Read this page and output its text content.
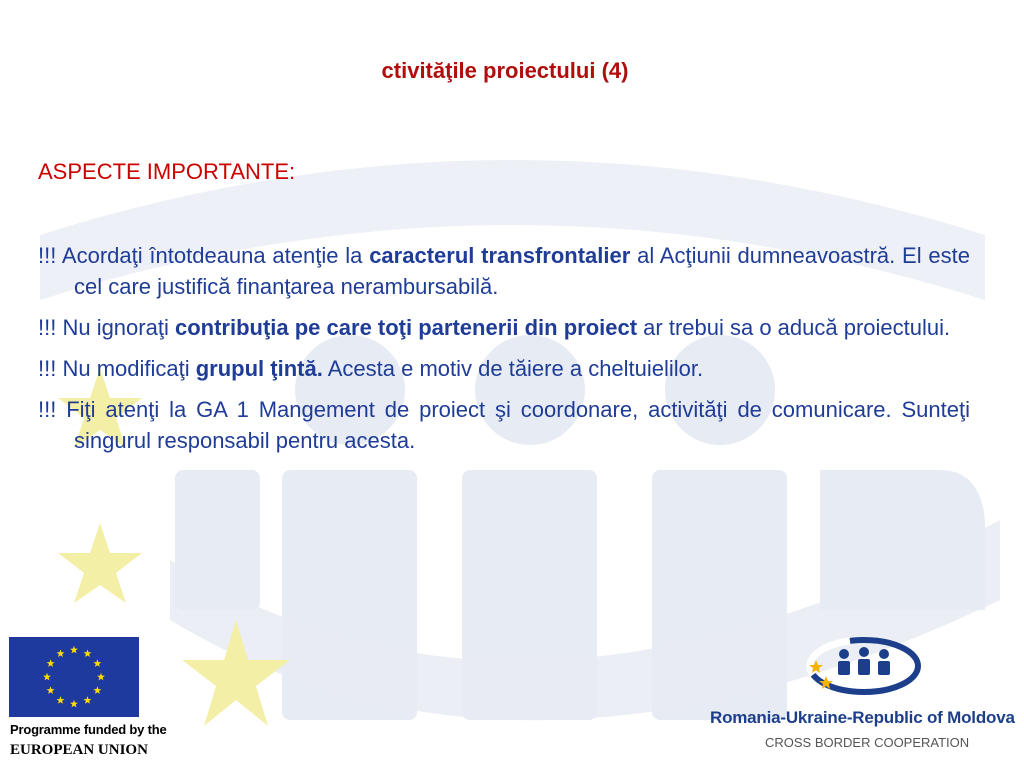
ctivităţile proiectului (4)
ASPECTE IMPORTANTE:

!!! Acordaţi întotdeauna atenţie la caracterul transfrontalier al Acţiunii dumneavoastră. El este cel care justifică finanţarea nerambursabilă.

!!! Nu ignoraţi contribuţia pe care toţi partenerii din proiect ar trebui sa o aducă proiectului.

!!! Nu modificaţi grupul ţintă. Acesta e motiv de tăiere a cheltuielilor.

!!! Fiţi atenţi la GA 1 Mangement de proiect şi coordonare, activităţi de comunicare. Sunteţi singurul responsabil pentru acesta.

Programme funded by the
EUROPEAN UNION
Romania-Ukraine-Republic of Moldova
CROSS BORDER COOPERATION
